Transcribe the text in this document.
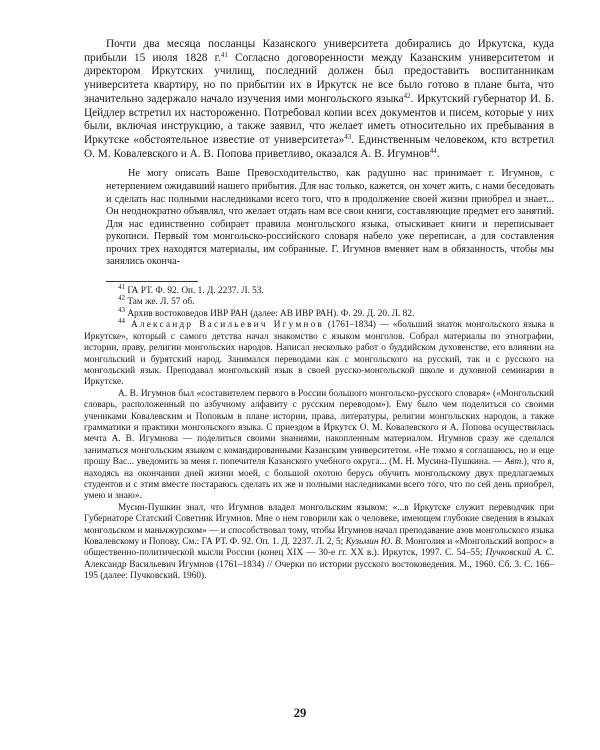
Почти два месяца посланцы Казанского университета добирались до Иркутска, куда прибыли 15 июля 1828 г.$^{41}$ Согласно договоренности между Казанским университетом и директором Иркутских училищ, последний должен был предоставить воспитанникам университета квартиру, но по прибытии их в Иркутск не все было готово в плане быта, что значительно задержало начало изучения ими монгольского языка$^{42}$. Иркутский губернатор И. Б. Цейдлер встретил их настороженно. Потребовал копии всех документов и писем, которые у них были, включая инструкцию, а также заявил, что желает иметь относительно их пребывания в Иркутске «обстоятельное известие от университета»$^{43}$. Единственным человеком, кто встретил О. М. Ковалевского и А. В. Попова приветливо, оказался А. В. Игумнов$^{44}$.

Не могу описать Ваше Превосходительство, как радушно нас принимает г. Игумнов, с нетерпением ожидавший нашего прибытия. Для нас только, кажется, он хочет жить, с нами беседовать и сделать нас полными наследниками всего того, что в продолжение своей жизни приобрел и знает... Он неоднократно объявлял, что желает отдать нам все свои книги, составляющие предмет его занятий. Для нас единственно собирает правила монгольского языка, отыскивает книги и переписывает рукописи. Первый том монгольско-российского словаря набело уже переписан, а для составления прочих трех находятся материалы, им собранные. Г. Игумнов вменяет нам в обязанность, чтобы мы занялись оконча-

$^{41}$ ГА РТ. Ф. 92. Оп. 1. Д. 2237. Л. 53.

$^{42}$ Там же. Л. 57 об.

$^{43}$ Архив востоковедов ИВР РАН (далее: АВ ИВР РАН). Ф. 29. Д. 20. Л. 82.

$^{44}$ Александр Васильевич Игумнов (1761–1834) — «больший знаток монгольского языка в Иркутске», который с самого детства начал знакомство с языком монголов. Собрал материалы по этнографии, истории, праву, религии монгольских народов. Написал несколько работ о буддийском духовенстве, его влиянии на монгольский и бурятский народ. Занимался переводами как с монгольского на русский, так и с русского на монгольский язык. Преподавал монгольский язык в своей русско-монгольской школе и духовной семинарии в Иркутске.

А. В. Игумнов был «составителем первого в России большого монгольско-русского словаря» («Монгольский словарь, расположенный по азбучному алфавиту с русским переводом»). Ему было чем поделиться со своими учениками Ковалевским и Поповым в плане истории, права, литературы, религии монгольских народов, а также грамматики и практики монгольского языка. С приездом в Иркутск О. М. Ковалевского и А. Попова осуществилась мечта А. В. Игумнова — поделиться своими знаниями, накопленным материалом. Игумнов сразу же сделался заниматься монгольским языком с командированными Казанским университетом. «Не токмо я соглашаюсь, но и еще прошу Вас... уведомить за меня г. попечителя Казанского учебного округа... (М. Н. Мусина-Пушкина. — Авт.), что я, находясь на окончании дней жизни моей, с большой охотою берусь обучить монгольскому двух предлагаемых студентов и с этим вместе постараюсь сделать их же и полными наследниками всего того, что по сей день приобрел, умею и знаю».

Мусин-Пушкин знал, что Игумнов владел монгольским языком: «...в Иркутске служит переводчик при Губернаторе Статский Советник Игумнов. Мне о нем говорили как о человеке, имеющем глубокие сведения в языках монгольском и маньчжурском» — и способствовал тому, чтобы Игумнов начал преподавание азов монгольского языка Ковалевскому и Попову. См.: ГА РТ. Ф. 92. Оп. 1. Д. 2237. Л. 2, 5; Кузьмин Ю. В. Монголия и «Монгольский вопрос» в общественно-политической мысли России (конец XIX — 30-е гг. XX в.). Иркутск, 1997. С. 54–55; Пучковский А. С. Александр Васильевич Игумнов (1761–1834) // Очерки по истории русского востоковедения. М., 1960. Сб. 3. С. 166–195 (далее: Пучковский. 1960).

29
